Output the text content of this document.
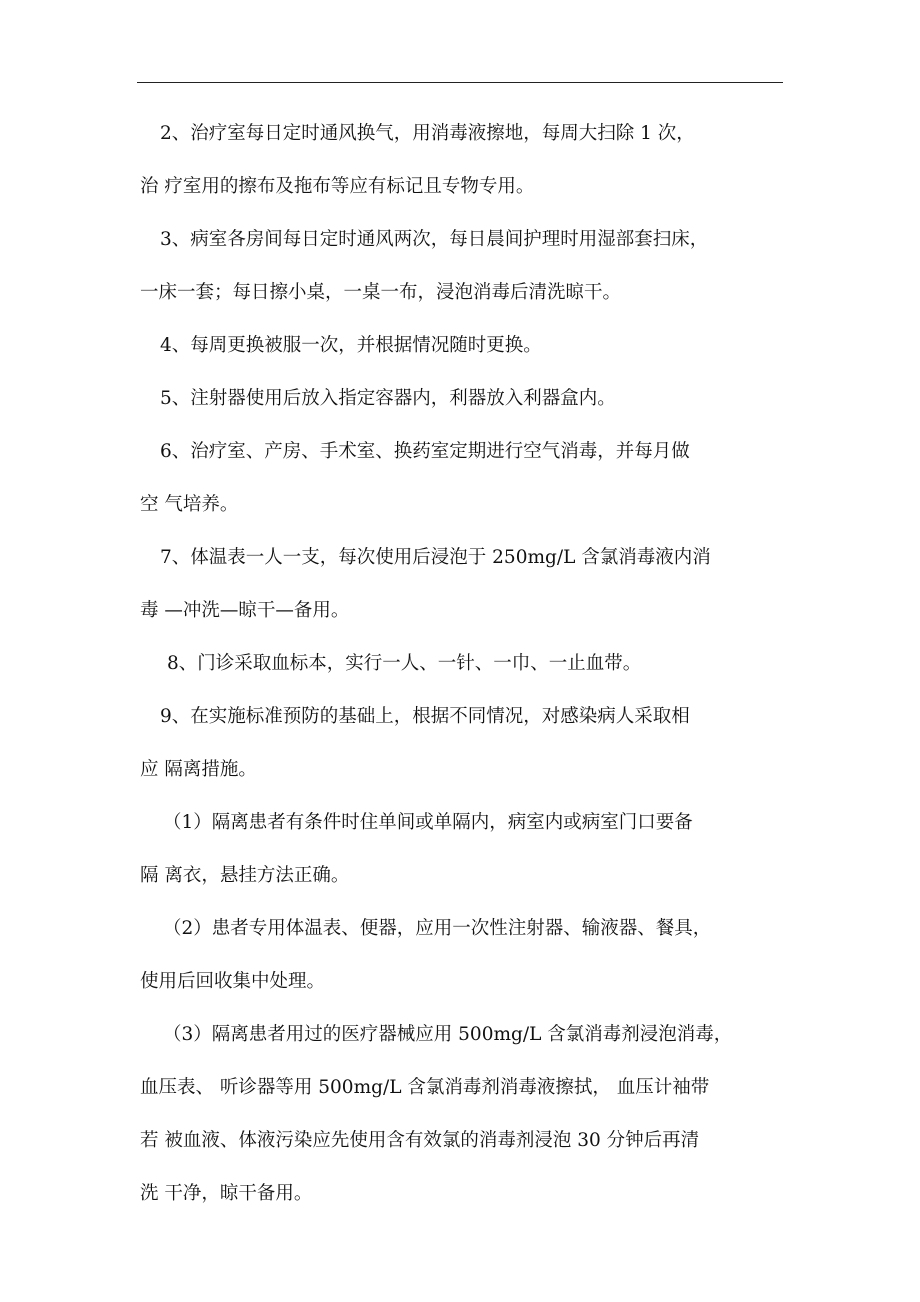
2、治疗室每日定时通风换气，用消毒液擦地，每周大扫除 1 次，
治 疗室用的擦布及拖布等应有标记且专物专用。
3、病室各房间每日定时通风两次，每日晨间护理时用湿部套扫床，
一床一套；每日擦小桌，一桌一布，浸泡消毒后清洗晾干。
4、每周更换被服一次，并根据情况随时更换。
5、注射器使用后放入指定容器内，利器放入利器盒内。
6、治疗室、产房、手术室、换药室定期进行空气消毒，并每月做
空 气培养。
7、体温表一人一支，每次使用后浸泡于 250mg/L 含氯消毒液内消
毒 —冲洗—晾干—备用。
8、门诊采取血标本，实行一人、一针、一巾、一止血带。
9、在实施标准预防的基础上，根据不同情况，对感染病人采取相
应 隔离措施。
（1）隔离患者有条件时住单间或单隔内，病室内或病室门口要备
隔 离衣，悬挂方法正确。
（2）患者专用体温表、便器，应用一次性注射器、输液器、餐具，
使用后回收集中处理。
（3）隔离患者用过的医疗器械应用 500mg/L 含氯消毒剂浸泡消毒，
血压表、 听诊器等用 500mg/L 含氯消毒剂消毒液擦拭， 血压计袖带
若 被血液、体液污染应先使用含有效氯的消毒剂浸泡 30 分钟后再清
洗 干净，晾干备用。
